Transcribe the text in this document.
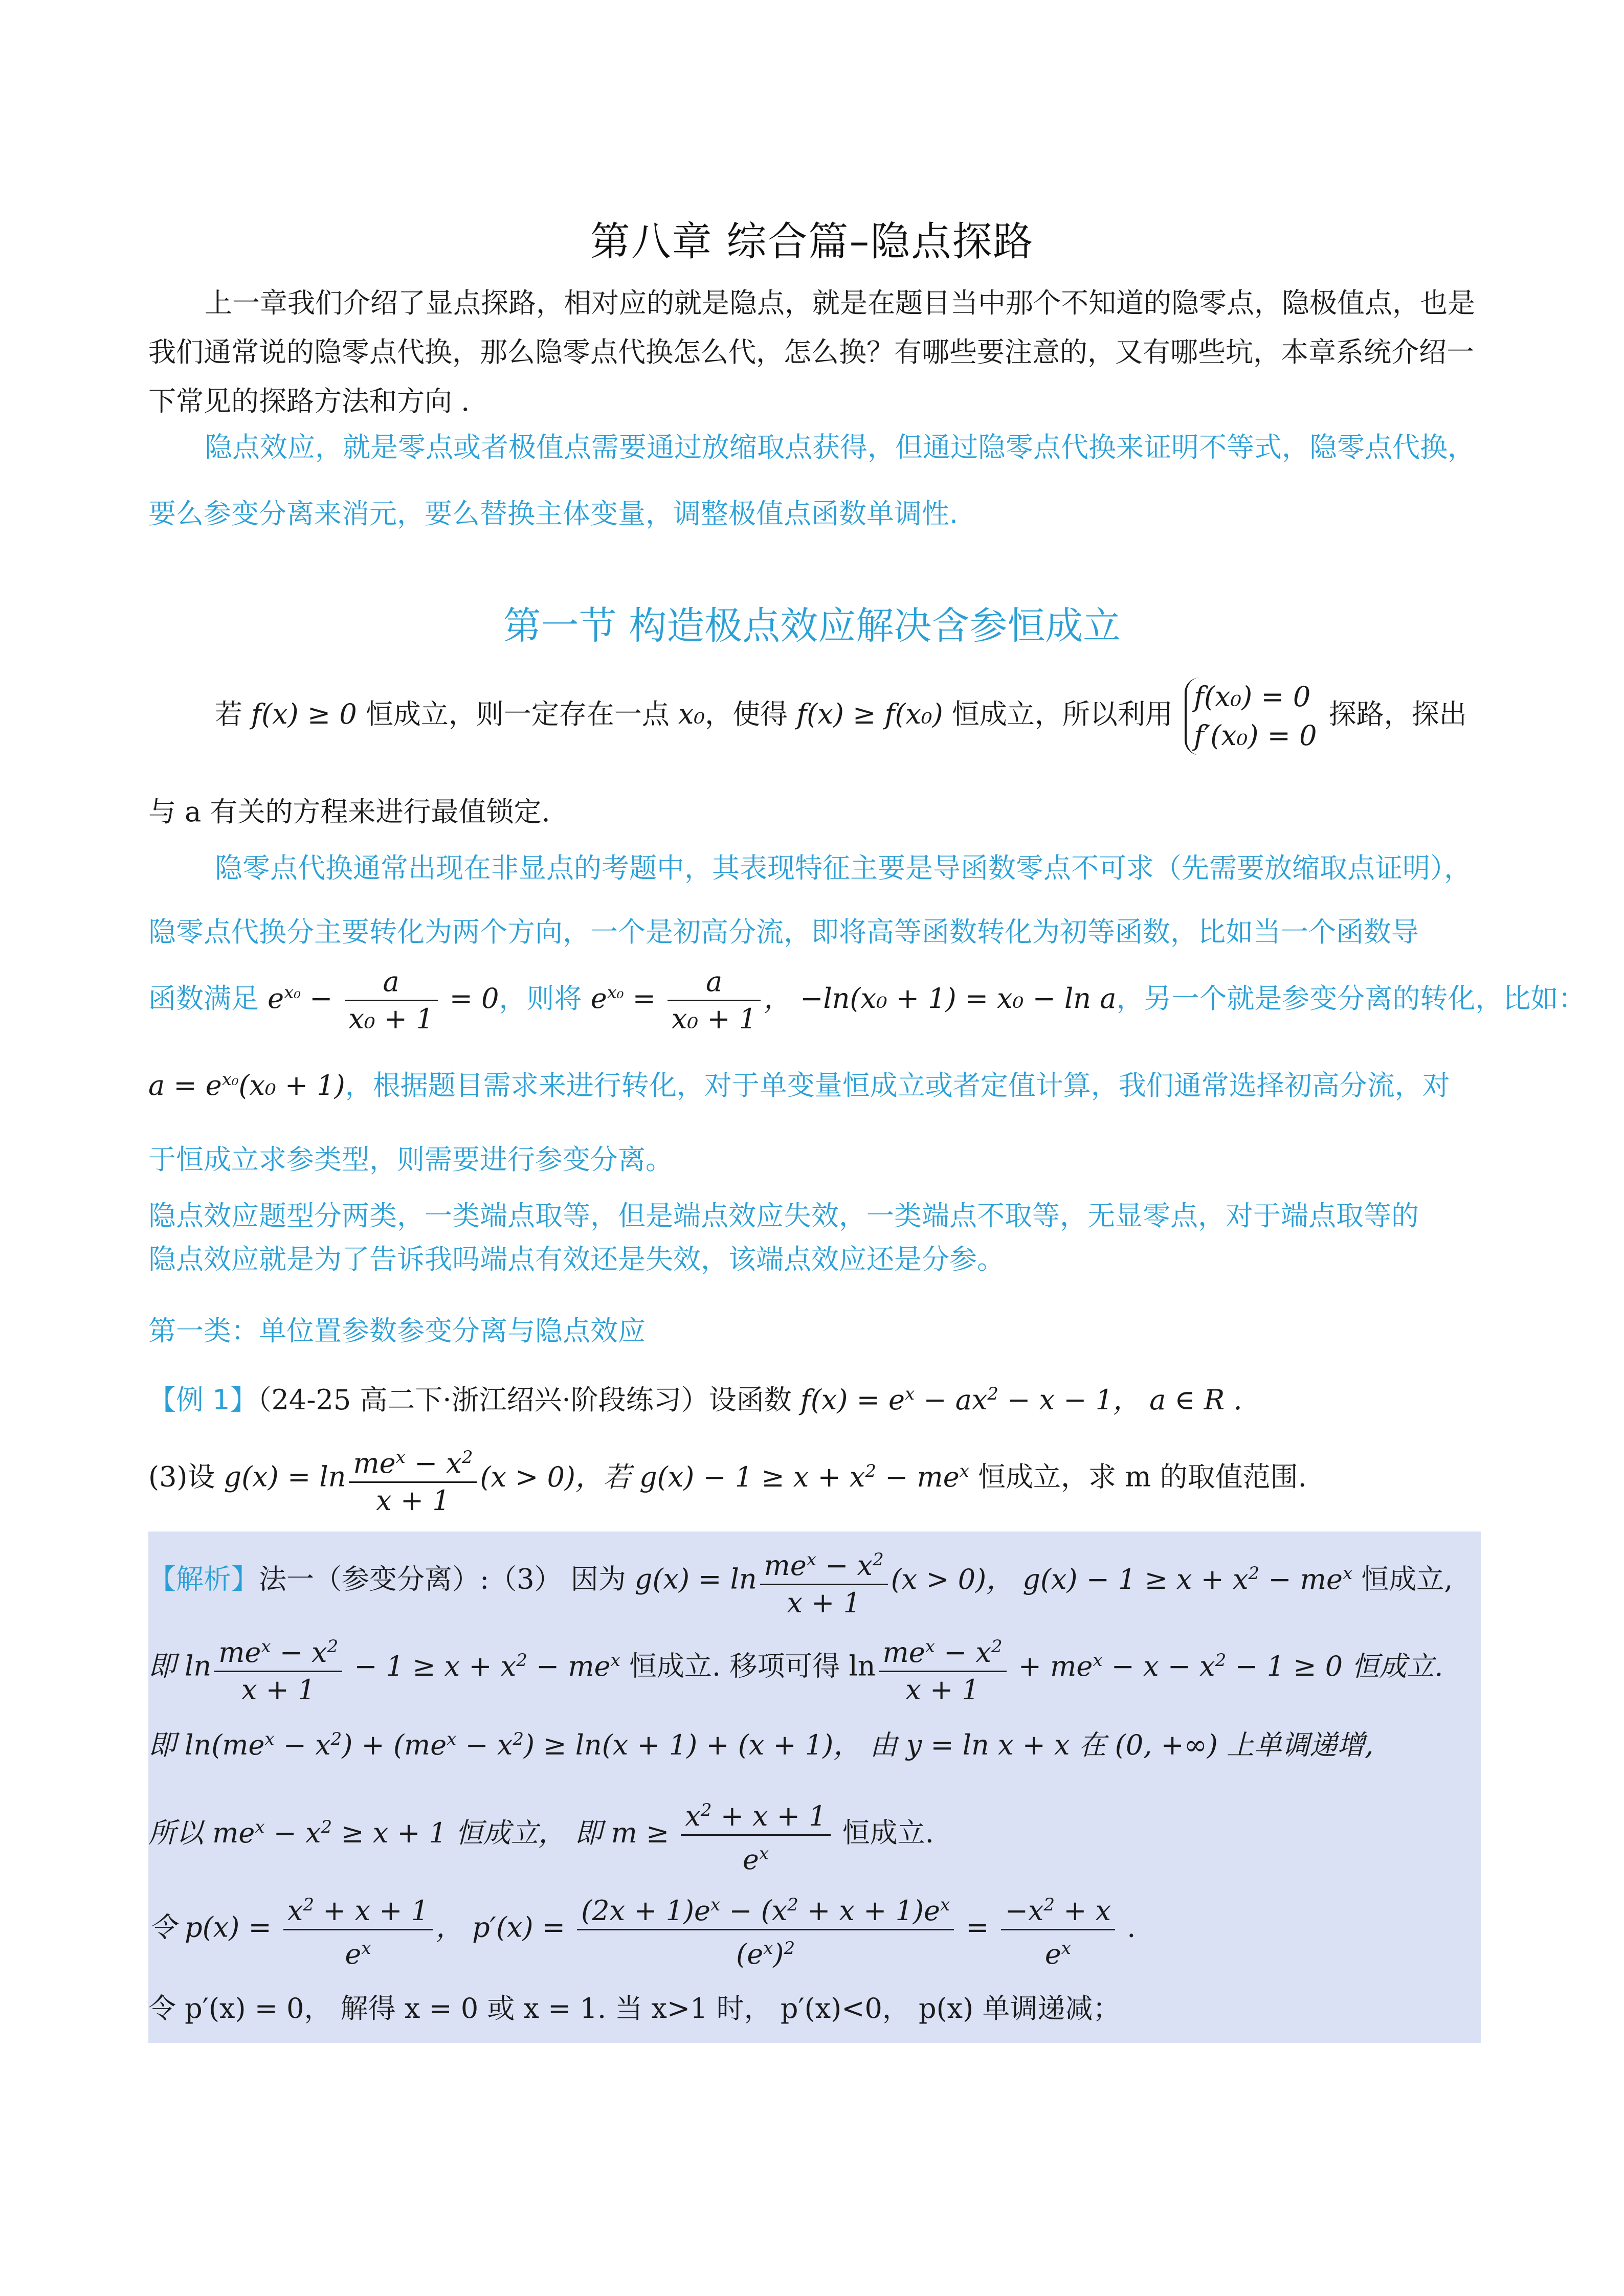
第八章 综合篇–隐点探路
上一章我们介绍了显点探路，相对应的就是隐点，就是在题目当中那个不知道的隐零点，隐极值点，也是我们通常说的隐零点代换，那么隐零点代换怎么代，怎么换？有哪些要注意的，又有哪些坑，本章系统介绍一下常见的探路方法和方向 .
隐点效应，就是零点或者极值点需要通过放缩取点获得，但通过隐零点代换来证明不等式，隐零点代换，要么参变分离来消元，要么替换主体变量，调整极值点函数单调性.
第一节 构造极点效应解决含参恒成立
若 f(x) ≥ 0 恒成立，则一定存在一点 x₀，使得 f(x) ≥ f(x₀) 恒成立，所以利用
f(x₀) = 0
f′(x₀) = 0
探路，探出
与 a 有关的方程来进行最值锁定.
隐零点代换通常出现在非显点的考题中，其表现特征主要是导函数零点不可求（先需要放缩取点证明），
隐零点代换分主要转化为两个方向，一个是初高分流，即将高等函数转化为初等函数，比如当一个函数导
函数满足 $e^{x_0} - \frac{a}{\text{x₀ + 1}} = 0$，则将 $e^{x_0} = \frac{a}{\text{x₀ + 1}}$ ， −ln(x₀ + 1) = x₀ − ln a，另一个就是参变分离的转化，比如：
$a = e^{x_0}(x_0 + 1)$，根据题目需求来进行转化，对于单变量恒成立或者定值计算，我们通常选择初高分流，对
于恒成立求参类型，则需要进行参变分离。
隐点效应题型分两类，一类端点取等，但是端点效应失效，一类端点不取等，无显零点，对于端点取等的
隐点效应就是为了告诉我吗端点有效还是失效，该端点效应还是分参。
第一类：单位置参数参变分离与隐点效应
【例 1】（24-25 高二下·浙江绍兴·阶段练习）设函数 $f(x) = e^x - ax^2 - x - 1$， a ∈ R .
(3)设 $g(x) = \ln \frac{me^x - x^2}{x + 1} (x > 0)$，若 $g(x) - 1 \ge x + x^2 - me^x$ 恒成立，求 m 的取值范围.
【解析】法一（参变分离）:（3） 因为 $g(x) = \ln \frac{me^x - x^2}{x + 1} (x > 0)$， $g(x) - 1 \ge x + x^2 - me^x$ 恒成立,
即 $\ln \frac{me^x - x^2}{x + 1} - 1 \ge x + x^2 - me^x$ 恒成立. 移项可得 $\ln \frac{me^x - x^2}{x + 1} + me^x - x - x^2 - 1 \ge 0$ 恒成立.
即 $\ln(me^x - x^2) + (me^x - x^2) \ge \ln(x + 1) + (x + 1)$， 由 y = ln x + x 在 (0, +∞) 上单调递增,
所以 $me^x - x^2 \ge x + 1$ 恒成立， 即 $m \ge \frac{x^2 + x + 1}{e^x}$ 恒成立.
令 $p(x) = \frac{x^2 + x + 1}{e^x}$ ， $p'(x) = \frac{(2x + 1)e^x - (x^2 + x + 1)e^x}{(e^x)^2} = \frac{-x^2 + x}{e^x}$ .
令 p′(x) = 0， 解得 x = 0 或 x = 1. 当 x>1 时， p′(x)<0， p(x) 单调递减；
